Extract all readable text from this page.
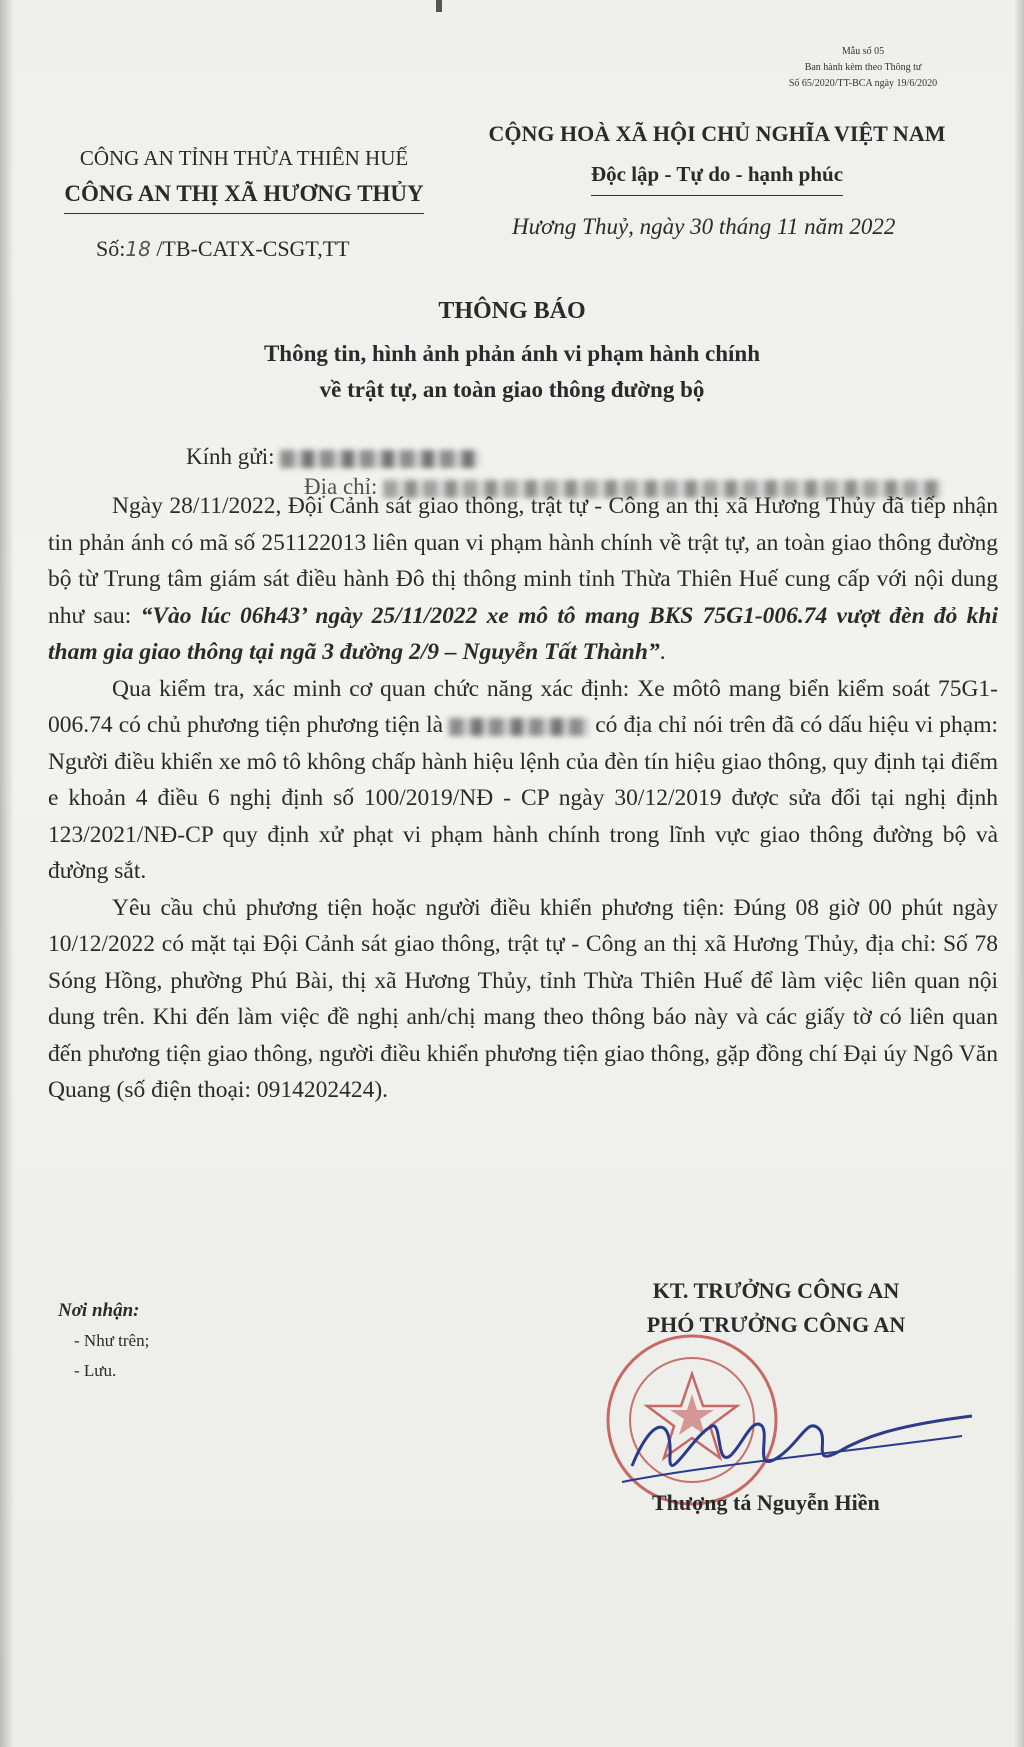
Mẫu số 05
Ban hành kèm theo Thông tư
Số 65/2020/TT-BCA ngày 19/6/2020
CÔNG AN TỈNH THỪA THIÊN HUẾ
CÔNG AN THỊ XÃ HƯƠNG THỦY
CỘNG HOÀ XÃ HỘI CHỦ NGHĨA VIỆT NAM
Độc lập - Tự do - hạnh phúc
Số:18 /TB-CATX-CSGT,TT
Hương Thuỷ, ngày 30 tháng 11 năm 2022
THÔNG BÁO
Thông tin, hình ảnh phản ánh vi phạm hành chính
về trật tự, an toàn giao thông đường bộ
Kính gửi:
Địa chỉ:

Ngày 28/11/2022, Đội Cảnh sát giao thông, trật tự - Công an thị xã Hương Thủy đã tiếp nhận tin phản ánh có mã số 251122013 liên quan vi phạm hành chính về trật tự, an toàn giao thông đường bộ từ Trung tâm giám sát điều hành Đô thị thông minh tỉnh Thừa Thiên Huế cung cấp với nội dung như sau: “Vào lúc 06h43’ ngày 25/11/2022 xe mô tô mang BKS 75G1-006.74 vượt đèn đỏ khi tham gia giao thông tại ngã 3 đường 2/9 – Nguyễn Tất Thành”.

Qua kiểm tra, xác minh cơ quan chức năng xác định: Xe môtô mang biển kiểm soát 75G1-006.74 có chủ phương tiện phương tiện là	có địa chỉ nói trên đã có dấu hiệu vi phạm: Người điều khiển xe mô tô không chấp hành hiệu lệnh của đèn tín hiệu giao thông, quy định tại điểm e khoản 4 điều 6 nghị định số 100/2019/NĐ - CP ngày 30/12/2019 được sửa đổi tại nghị định 123/2021/NĐ-CP quy định xử phạt vi phạm hành chính trong lĩnh vực giao thông đường bộ và đường sắt.

Yêu cầu chủ phương tiện hoặc người điều khiển phương tiện: Đúng 08 giờ 00 phút ngày 10/12/2022 có mặt tại Đội Cảnh sát giao thông, trật tự - Công an thị xã Hương Thủy, địa chỉ: Số 78 Sóng Hồng, phường Phú Bài, thị xã Hương Thủy, tỉnh Thừa Thiên Huế để làm việc liên quan nội dung trên. Khi đến làm việc đề nghị anh/chị mang theo thông báo này và các giấy tờ có liên quan đến phương tiện giao thông, người điều khiển phương tiện giao thông, gặp đồng chí Đại úy Ngô Văn Quang (số điện thoại: 0914202424).

Nơi nhận:
- Như trên;
- Lưu.
KT. TRƯỞNG CÔNG AN
PHÓ TRƯỞNG CÔNG AN
Thượng tá Nguyễn Hiền
